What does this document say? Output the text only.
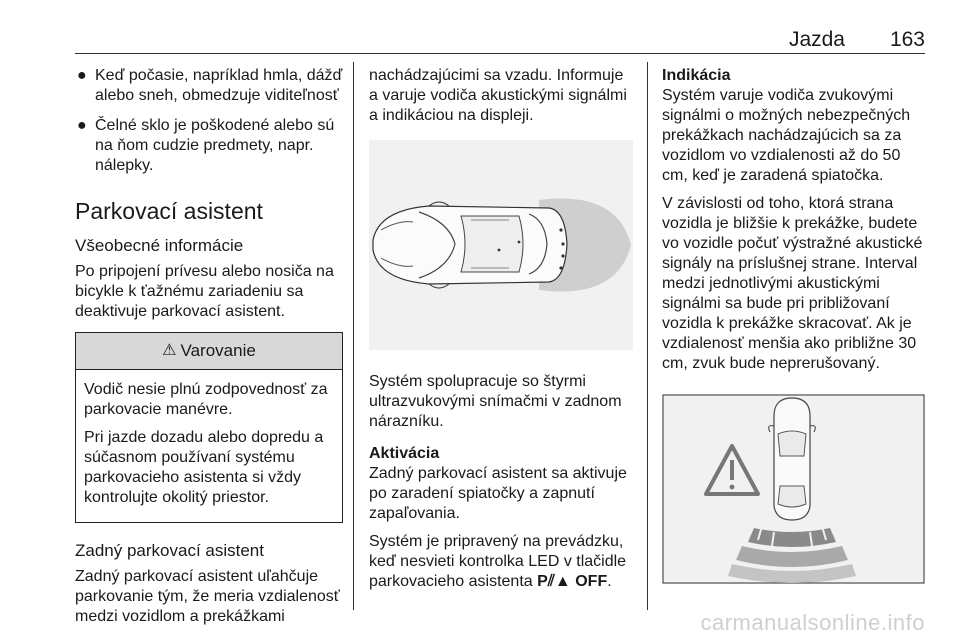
Jazda 163
● Keď počasie, napríklad hmla, dážď alebo sneh, obmedzuje viditeľnosť
● Čelné sklo je poškodené alebo sú na ňom cudzie predmety, napr. nálepky.
Parkovací asistent
Všeobecné informácie

Po pripojení prívesu alebo nosiča na bicykle k ťažnému zariadeniu sa deaktivuje parkovací asistent.

⚠ Varovanie

Vodič nesie plnú zodpovednosť za parkovacie manévre.

Pri jazde dozadu alebo dopredu a súčasnom používaní systému parkovacieho asistenta si vždy kontrolujte okolitý priestor.

Zadný parkovací asistent

Zadný parkovací asistent uľahčuje parkovanie tým, že meria vzdialenosť medzi vozidlom a prekážkami

nachádzajúcimi sa vzadu. Informuje a varuje vodiča akustickými signálmi a indikáciou na displeji.

Systém spolupracuje so štyrmi ultrazvukovými snímačmi v zadnom nárazníku.

Aktivácia

Zadný parkovací asistent sa aktivuje po zaradení spiatočky a zapnutí zapaľovania.

Systém je pripravený na prevádzku, keď nesvieti kontrolka LED v tlačidle parkovacieho asistenta P⫽▲ OFF.

Indikácia

Systém varuje vodiča zvukovými signálmi o možných nebezpečných prekážkach nachádzajúcich sa za vozidlom vo vzdialenosti až do 50 cm, keď je zaradená spiatočka.

V závislosti od toho, ktorá strana vozidla je bližšie k prekážke, budete vo vozidle počuť výstražné akustické signály na príslušnej strane. Interval medzi jednotlivými akustickými signálmi sa bude pri približovaní vozidla k prekážke skracovať. Ak je vzdialenosť menšia ako približne 30 cm, zvuk bude neprerušovaný.

carmanualsonline.info
